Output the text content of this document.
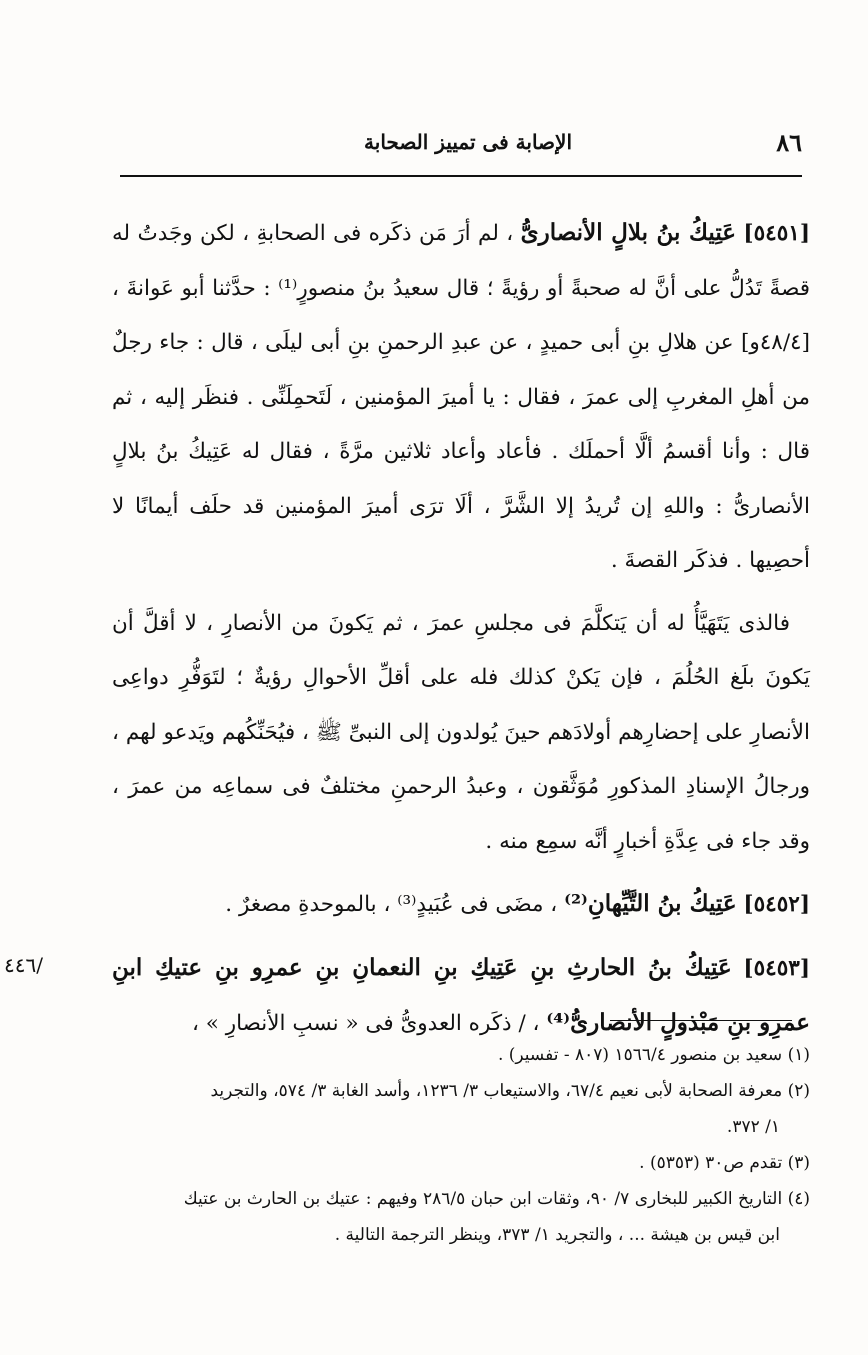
٨٦
الإصابة فى تمييز الصحابة

[٥٤٥١] عَتِيكُ بنُ بلالٍ الأنصارىُّ ، لم أرَ مَن ذكَره فى الصحابةِ ، لكن وجَدتُ له قصةً تَدُلُّ على أنَّ له صحبةً أو رؤيةً ؛ قال سعيدُ بنُ منصورٍ⁽¹⁾ : حدَّثنا أبو عَوانةَ ، [٤٨/٤و] عن هلالِ بنِ أبى حميدٍ ، عن عبدِ الرحمنِ بنِ أبى ليلَى ، قال : جاء رجلٌ من أهلِ المغربِ إلى عمرَ ، فقال : يا أميرَ المؤمنين ، لَتَحمِلَنِّى . فنظَر إليه ، ثم قال : وأنا أقسمُ ألَّا أحملَك . فأعاد وأعاد ثلاثين مرَّةً ، فقال له عَتِيكُ بنُ بلالٍ الأنصارىُّ : واللهِ إن تُريدُ إلا الشَّرَّ ، ألَا ترَى أميرَ المؤمنين قد حلَف أيمانًا لا أحصِيها . فذكَر القصةَ .

فالذى يَتَهَيَّأُ له أن يَتكلَّمَ فى مجلسِ عمرَ ، ثم يَكونَ من الأنصارِ ، لا أقلَّ أن يَكونَ بلَغ الحُلُمَ ، فإن يَكنْ كذلك فله على أقلِّ الأحوالِ رؤيةٌ ؛ لتَوَفُّرِ دواعِى الأنصارِ على إحضارِهم أولادَهم حينَ يُولدون إلى النبىِّ ﷺ ، فيُحَنِّكُهم ويَدعو لهم ، ورجالُ الإسنادِ المذكورِ مُوَثَّقون ، وعبدُ الرحمنِ مختلفٌ فى سماعِه من عمرَ ، وقد جاء فى عِدَّةِ أخبارٍ أنَّه سمِع منه .

[٥٤٥٢] عَتِيكُ بنُ التَّيِّهانِ⁽²⁾ ، مضَى فى عُبَيدٍ⁽³⁾ ، بالموحدةِ مصغرٌ .

[٥٤٥٣] عَتِيكُ بنُ الحارثِ بنِ عَتِيكِ بنِ النعمانِ بنِ عمرِو بنِ عتيكِ ابنِ عمرِو بنِ مَبْذولٍ الأنصارىُّ⁽⁴⁾ ، / ذكَره العدوىُّ فى « نسبِ الأنصارِ » ،

٤٤٦/

(١) سعيد بن منصور ١٥٦٦/٤ (٨٠٧ - تفسير) .

(٢) معرفة الصحابة لأبى نعيم ٦٧/٤، والاستيعاب ٣/ ١٢٣٦، وأسد الغابة ٣/ ٥٧٤، والتجريد

١/ ٣٧٢.

(٣) تقدم ص٣٠ (٥٣٥٣) .

(٤) التاريخ الكبير للبخارى ٧/ ٩٠، وثقات ابن حبان ٢٨٦/٥ وفيهم : عتيك بن الحارث بن عتيك

ابن قيس بن هيشة ... ، والتجريد ١/ ٣٧٣، وينظر الترجمة التالية .
